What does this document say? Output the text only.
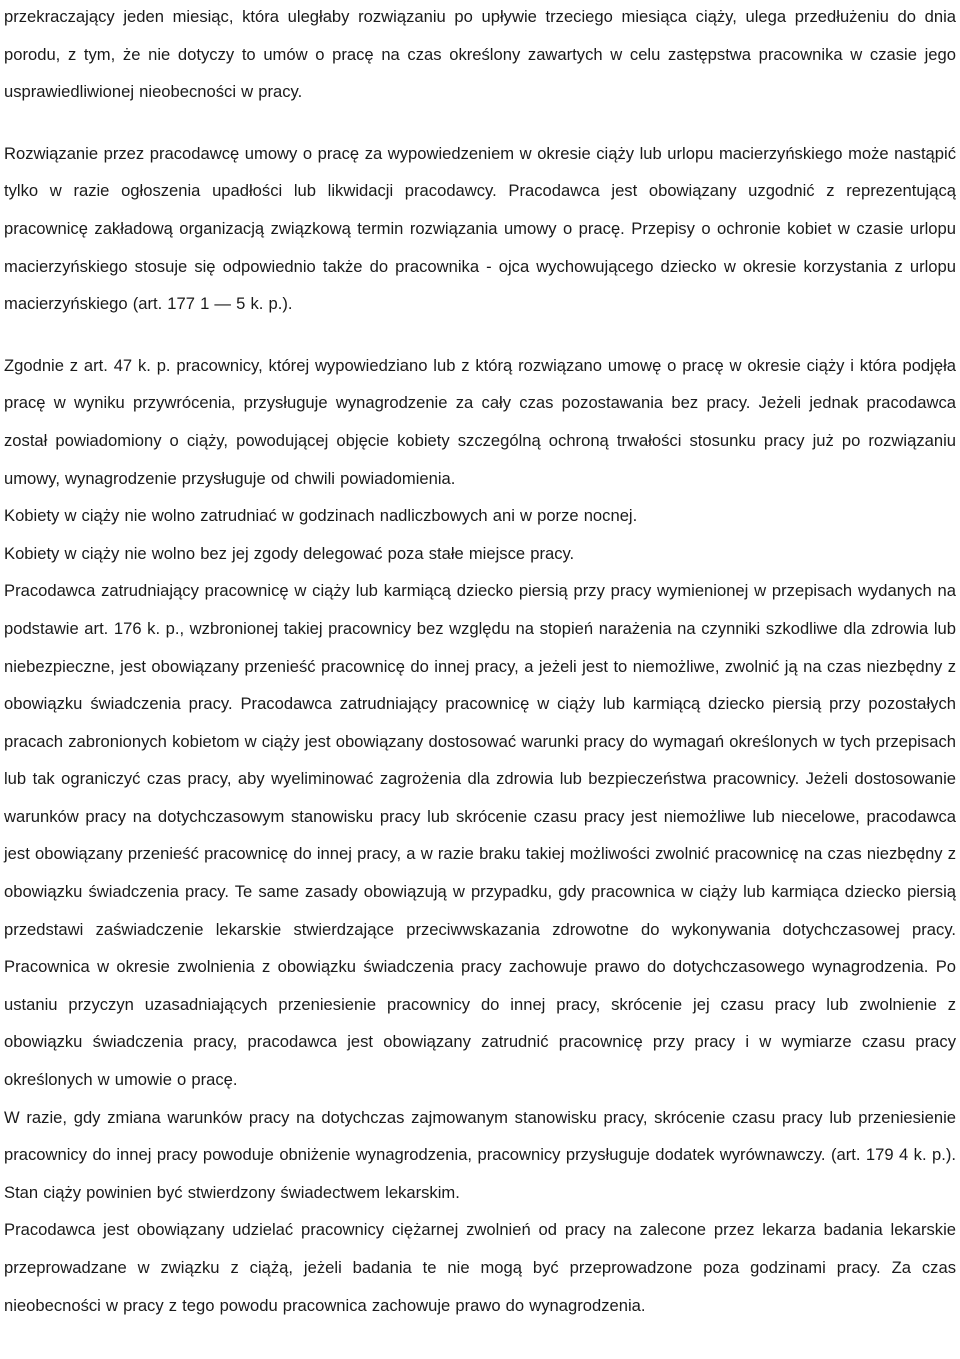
przekraczający jeden miesiąc, która uległaby rozwiązaniu po upływie trzeciego miesiąca ciąży, ulega przedłużeniu do dnia porodu, z tym, że nie dotyczy to umów o pracę na czas określony zawartych w celu zastępstwa pracownika w czasie jego usprawiedliwionej nieobecności w pracy.

Rozwiązanie przez pracodawcę umowy o pracę za wypowiedzeniem w okresie ciąży lub urlopu macierzyńskiego może nastąpić tylko w razie ogłoszenia upadłości lub likwidacji pracodawcy. Pracodawca jest obowiązany uzgodnić z reprezentującą pracownicę zakładową organizacją związkową termin rozwiązania umowy o pracę. Przepisy o ochronie kobiet w czasie urlopu macierzyńskiego stosuje się odpowiednio także do pracownika - ojca wychowującego dziecko w okresie korzystania z urlopu macierzyńskiego (art. 177 1 — 5 k. p.).

Zgodnie z art. 47 k. p. pracownicy, której wypowiedziano lub z którą rozwiązano umowę o pracę w okresie ciąży i która podjęła pracę w wyniku przywrócenia, przysługuje wynagrodzenie za cały czas pozostawania bez pracy. Jeżeli jednak pracodawca został powiadomiony o ciąży, powodującej objęcie kobiety szczególną ochroną trwałości stosunku pracy już po rozwiązaniu umowy, wynagrodzenie przysługuje od chwili powiadomienia.

Kobiety w ciąży nie wolno zatrudniać w godzinach nadliczbowych ani w porze nocnej.

Kobiety w ciąży nie wolno bez jej zgody delegować poza stałe miejsce pracy.

Pracodawca zatrudniający pracownicę w ciąży lub karmiącą dziecko piersią przy pracy wymienionej w przepisach wydanych na podstawie art. 176 k. p., wzbronionej takiej pracownicy bez względu na stopień narażenia na czynniki szkodliwe dla zdrowia lub niebezpieczne, jest obowiązany przenieść pracownicę do innej pracy, a jeżeli jest to niemożliwe, zwolnić ją na czas niezbędny z obowiązku świadczenia pracy. Pracodawca zatrudniający pracownicę w ciąży lub karmiącą dziecko piersią przy pozostałych pracach zabronionych kobietom w ciąży jest obowiązany dostosować warunki pracy do wymagań określonych w tych przepisach lub tak ograniczyć czas pracy, aby wyeliminować zagrożenia dla zdrowia lub bezpieczeństwa pracownicy. Jeżeli dostosowanie warunków pracy na dotychczasowym stanowisku pracy lub skrócenie czasu pracy jest niemożliwe lub niecelowe, pracodawca jest obowiązany przenieść pracownicę do innej pracy, a w razie braku takiej możliwości zwolnić pracownicę na czas niezbędny z obowiązku świadczenia pracy. Te same zasady obowiązują w przypadku, gdy pracownica w ciąży lub karmiąca dziecko piersią przedstawi zaświadczenie lekarskie stwierdzające przeciwwskazania zdrowotne do wykonywania dotychczasowej pracy. Pracownica w okresie zwolnienia z obowiązku świadczenia pracy zachowuje prawo do dotychczasowego wynagrodzenia. Po ustaniu przyczyn uzasadniających przeniesienie pracownicy do innej pracy, skrócenie jej czasu pracy lub zwolnienie z obowiązku świadczenia pracy, pracodawca jest obowiązany zatrudnić pracownicę przy pracy i w wymiarze czasu pracy określonych w umowie o pracę.

W razie, gdy zmiana warunków pracy na dotychczas zajmowanym stanowisku pracy, skrócenie czasu pracy lub przeniesienie pracownicy do innej pracy powoduje obniżenie wynagrodzenia, pracownicy przysługuje dodatek wyrównawczy. (art. 179 4 k. p.). Stan ciąży powinien być stwierdzony świadectwem lekarskim.

Pracodawca jest obowiązany udzielać pracownicy ciężarnej zwolnień od pracy na zalecone przez lekarza badania lekarskie przeprowadzane w związku z ciążą, jeżeli badania te nie mogą być przeprowadzone poza godzinami pracy. Za czas nieobecności w pracy z tego powodu pracownica zachowuje prawo do wynagrodzenia.
